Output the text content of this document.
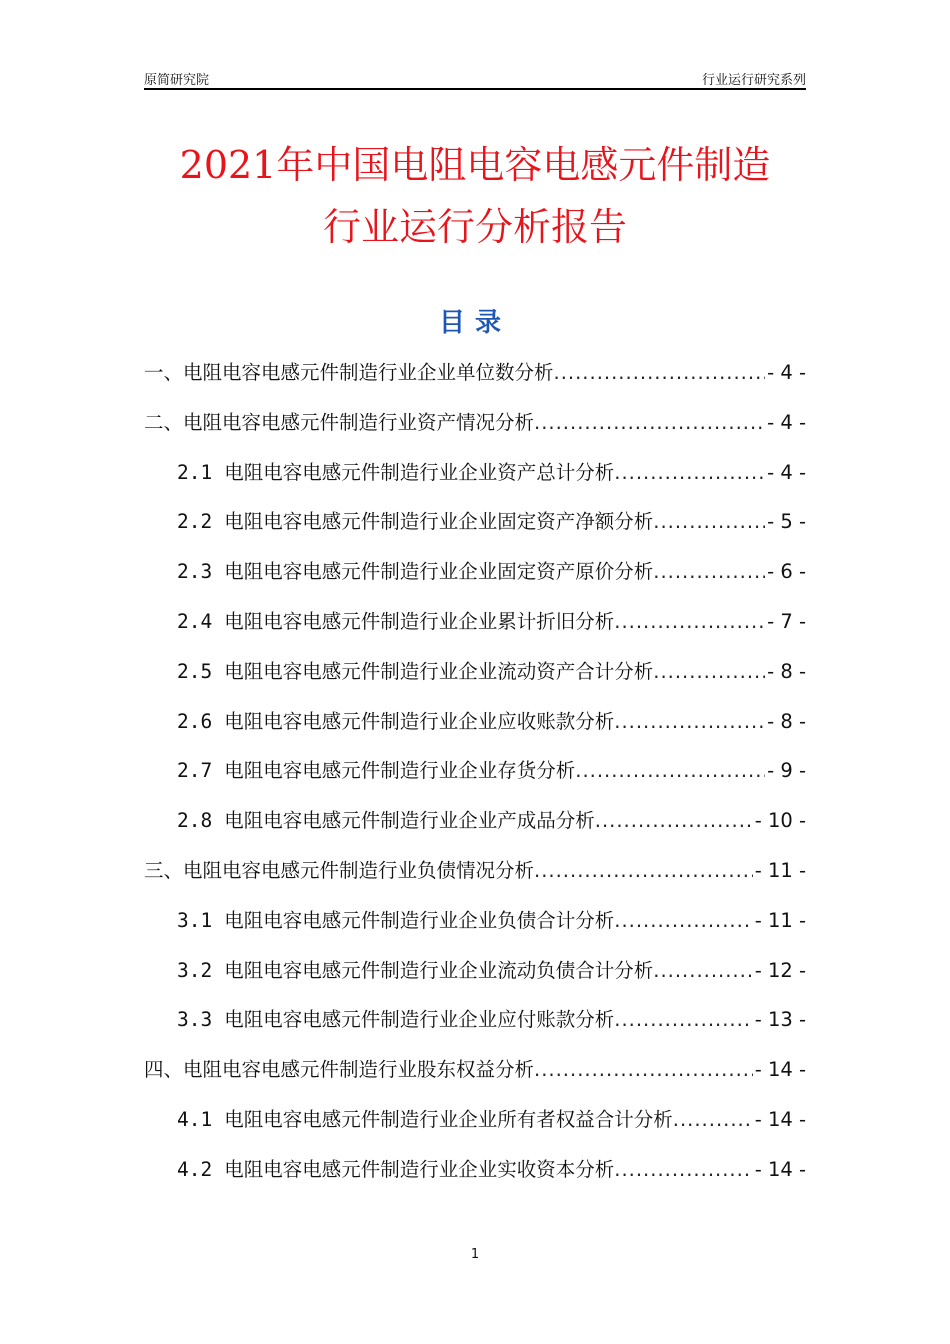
原简研究院	行业运行研究系列
2021年中国电阻电容电感元件制造
行业运行分析报告
目录
一、电阻电容电感元件制造行业企业单位数分析 .....	- 4 -
二、电阻电容电感元件制造行业资产情况分析 .....	- 4 -
2.1 电阻电容电感元件制造行业企业资产总计分析 .....	- 4 -
2.2 电阻电容电感元件制造行业企业固定资产净额分析 .....	- 5 -
2.3 电阻电容电感元件制造行业企业固定资产原价分析 .....	- 6 -
2.4 电阻电容电感元件制造行业企业累计折旧分析 .....	- 7 -
2.5 电阻电容电感元件制造行业企业流动资产合计分析 .....	- 8 -
2.6 电阻电容电感元件制造行业企业应收账款分析 .....	- 8 -
2.7 电阻电容电感元件制造行业企业存货分析 .....	- 9 -
2.8 电阻电容电感元件制造行业企业产成品分析 .....	- 10 -
三、电阻电容电感元件制造行业负债情况分析 .....	- 11 -
3.1 电阻电容电感元件制造行业企业负债合计分析 .....	- 11 -
3.2 电阻电容电感元件制造行业企业流动负债合计分析 .....	- 12 -
3.3 电阻电容电感元件制造行业企业应付账款分析 .....	- 13 -
四、电阻电容电感元件制造行业股东权益分析 .....	- 14 -
4.1 电阻电容电感元件制造行业企业所有者权益合计分析 .....	- 14 -
4.2 电阻电容电感元件制造行业企业实收资本分析 .....	- 14 -
1
